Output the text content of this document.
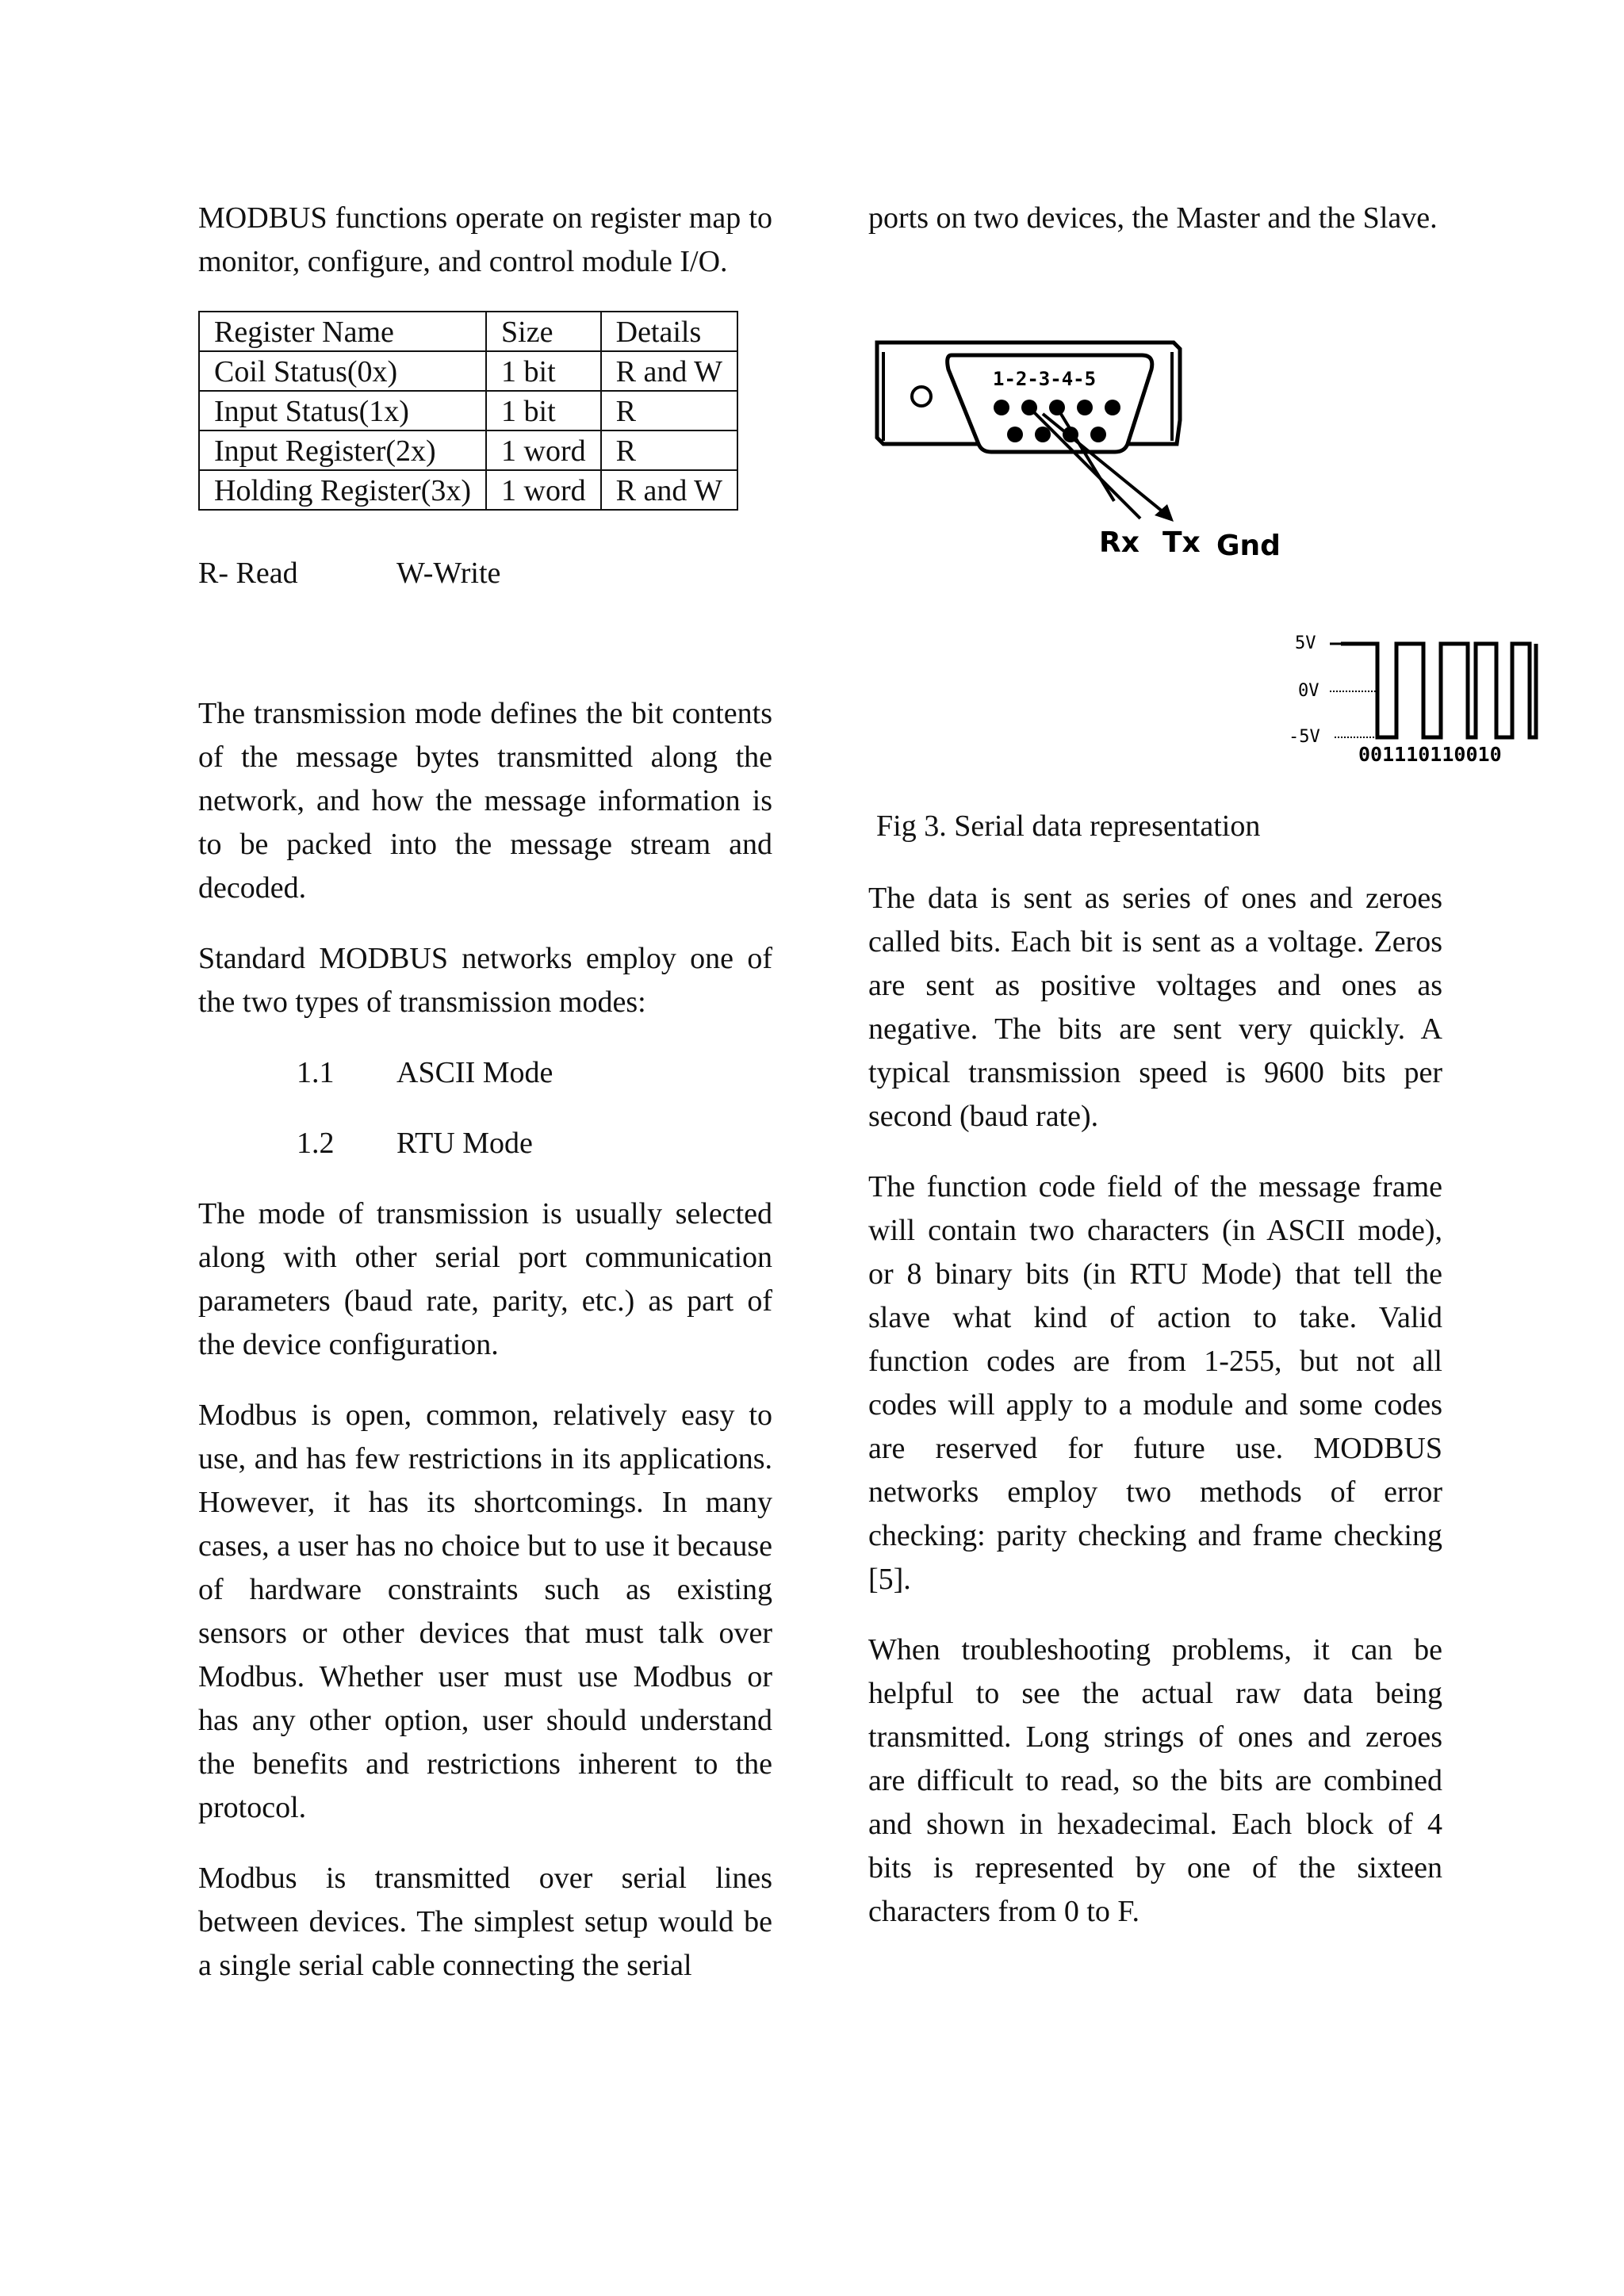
MODBUS functions operate on register map to monitor, configure, and control module I/O.

Register Name	Size	Details
Coil Status(0x)	1 bit	R and W
Input Status(1x)	1 bit	R
Input Register(2x)	1 word	R
Holding Register(3x)	1 word	R and W
R- Read	W-Write

The transmission mode defines the bit contents of the message bytes transmitted along the network, and how the message information is to be packed into the message stream and decoded.

Standard MODBUS networks employ one of the two types of transmission modes:

1.1 ASCII Mode
1.2 RTU Mode

The mode of transmission is usually selected along with other serial port communication parameters (baud rate, parity, etc.) as part of the device configuration.

Modbus is open, common, relatively easy to use, and has few restrictions in its applications. However, it has its shortcomings. In many cases, a user has no choice but to use it because of hardware constraints such as existing sensors or other devices that must talk over Modbus. Whether user must use Modbus or has any other option, user should understand the benefits and restrictions inherent to the protocol.

Modbus is transmitted over serial lines between devices. The simplest setup would be a single serial cable connecting the serial

ports on two devices, the Master and the Slave.

1-2-3-4-5
Rx Tx Gnd
5V
0V
-5V
001110110010

Fig 3. Serial data representation

The data is sent as series of ones and zeroes called bits. Each bit is sent as a voltage. Zeros are sent as positive voltages and ones as negative. The bits are sent very quickly. A typical transmission speed is 9600 bits per second (baud rate).

The function code field of the message frame will contain two characters (in ASCII mode), or 8 binary bits (in RTU Mode) that tell the slave what kind of action to take. Valid function codes are from 1-255, but not all codes will apply to a module and some codes are reserved for future use. MODBUS networks employ two methods of error checking: parity checking and frame checking [5].

When troubleshooting problems, it can be helpful to see the actual raw data being transmitted. Long strings of ones and zeroes are difficult to read, so the bits are combined and shown in hexadecimal. Each block of 4 bits is represented by one of the sixteen characters from 0 to F.
